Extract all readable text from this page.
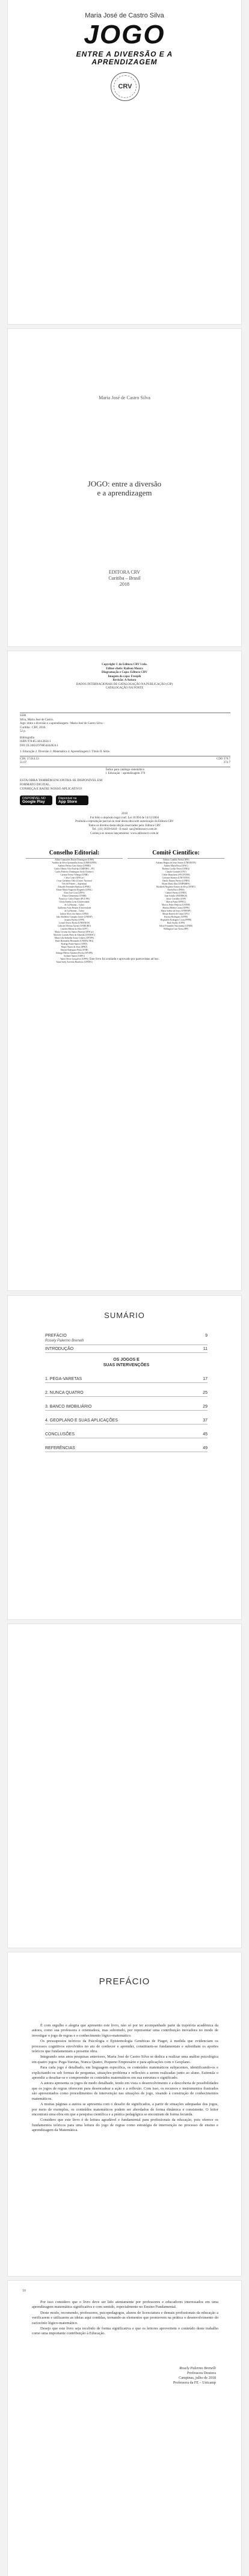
Maria José de Castro Silva
JOGO
ENTRE A DIVERSÃO E A
APRENDIZAGEM
CRV
Maria José de Castro Silva
JOGO: entre a diversão
e a aprendizagem
EDITORA CRV
Curitiba – Brasil
2018
Copyright © da Editora CRV Ltda.
Editor-chefe: Railson Moura
Diagramação e Capa: Editora CRV
Imagem da capa: Freepik
Revisão: A Autora
DADOS INTERNACIONAIS DE CATALOGAÇÃO NA PUBLICAÇÃO (CIP)
CATALOGAÇÃO NA FONTE
S586
Silva, Maria José de Castro.
Jogo: entre a diversão e a aprendizagem / Maria José de Castro Silva –
Curitiba : CRV, 2018.
52 p.
Bibliografia
ISBN 978-85-444-2824-1
DOI 10.24824/978854442824.1
1. Educação 2. Diversão 3. Matemática 4. Aprendizagem I. Título II. Série.
CDU 37.014.53	CDD 370.7
51.07	372.7
Índice para catálogo sistemático
1. Educação – aprendizagem 370
ESTA OBRA TAMBÉM ENCONTRA-SE DISPONÍVEL EM
FORMATO DIGITAL.
CONHEÇA E BAIXE NOSSO APLICATIVO!
DISPONÍVEL NO
Google Play
Disponível na
App Store
2018
Foi feito o depósito legal conf. Lei 10.994 de 14/12/2004
Proibida a reprodução parcial ou total desta obra sem autorização da Editora CRV
Todos os direitos desta edição reservados pela: Editora CRV
Tel.: (41) 3039-6418 - E-mail: sac@editoracrv.com.br
Conheça os nossos lançamentos: www.editoracrv.com.br
Conselho Editorial:
Aldira Guimarães Duarte Domínguez (UNB)
Andréia da Silva Quintanilha Sousa (UNIR/UFRN)
Antônio Pereira Gaio Júnior (UFRRJ)
Carlos Alberto Vilar Estêvão (UMINHO – PT)
Carlos Federico Dominguez Avila (Unieuro)
Carmen Tereza Velanga (UNIR)
Celso Conti (UFSCar)
Cesar Gerónimo Tello (Univer. Nacional
Três de Febrero – Argentina)
Eduardo Fernandes Barbosa (UFMG)
Elione Maria Nogueira Diogenes (UFAL)
Élsio José Corá (UFFS)
Elizeu Clementino (UNEB)
Francisco Carlos Duarte (PUC-PR)
Gloria Fariñas León (Universidade
de La Havana – Cuba)
Guillermo Arias Beatón (Universidade
de La Havana – Cuba)
Jailson Alves dos Santos (UFRJ)
João Adalberto Campato Junior (UNESP)
Josania Portela (UFPI)
Leonel Severo Rocha (UNISINOS)
Lídia de Oliveira Xavier (UNIEURO)
Lourdes Helena da Silva (UFV)
Maria Cristina dos Santos Bezerra (UFSCar)
Maria de Lourdes Pinto de Almeida (UNOESC)
Maria Lília Imbiriba Sousa Colares (UFOPA)
Paulo Romualdo Hernandes (UNIFAL-MG)
Rodrigo Pratte-Santos (UFES)
Sérgio Nunes de Jesus (IFRO)
Simone Rodrigues Pinto (UNB)
Solange Helena Ximenes-Rocha (UFOPA)
Sydione Santos (UEPG)
Tadeu Oliver Gonçalves (UFPA)
Tania Suely Azevedo Brasileiro (UFOPA)
Comitê Científico:
Adilson Candido Pereira (IFS)
Adriana Regina de Jesus Santos (UNIOESTE)
Andrea Maria Rosa (UFSC)
Barbara Coelho Neves (UFBA)
Claudio Gomide (UFU)
Cleber Bianchessi (FACINTER)
Cristiane Stürmer (UNIVATES)
Danilo Dumas Pereira (UFRN)
Eliane Maria Ilha (UNIPAMPA)
Elizabeth Nogueira Gomes da Silva (UFMT)
Estela Ricci (IFES)
Gabriel Pereira (UFRN)
Jane Schultz (FADERGS)
Joisse Carvalho (USP)
Marcia Paim (UFPEL)
Marcos Pedro Pedrosa (UNESP)
Martina Helena Cintra (UFPR)
Maria Salette de Jesus (UNIFESP)
Mirian Barreto de Lima (UFG)
Patricia Rodrigues (UFPR)
Reginaldo Rodrigues Costa (FFPR)
Ruth Stucky (UFPI)
Silvio Fernandes Nascimento (UFMS)
Wellington Luiz Vieira (IFF)
Este livro foi avaliado e aprovado por pareceristas ad hoc.
SUMÁRIO
PREFÁCIO	9
Rosely Palermo Brenelli
INTRODUÇÃO	11
OS JOGOS E
SUAS INTERVENÇÕES
1. PEGA-VARETAS	17
2. NUNCA QUATRO	25
3. BANCO IMOBILIÁRIO	29
4. GEOPLANO E SUAS APLICAÇÕES	37
CONCLUSÕES	45
REFERÊNCIAS	49
PREFÁCIO

É com orgulho e alegria que apresento este livro, não só por ter acompanhado parte da trajetória acadêmica da autora, como sua professora e orientadora, mas sobretudo, por representar uma contribuição inovadora no modo de investigar o jogo de regras e o conhecimento lógico-matemático.

Os pressupostos teóricos da Psicologia e Epistemologia Genéticas de Piaget, à medida que evidenciam os processos cognitivos envolvidos no ato de conhecer e aprender, constituem-se fundamentais e subsidiam os aportes teóricos que fundamentam a presente obra.

Integrando seus anos pesquisas anteriores, Maria José de Castro Silva se dedica a realizar uma análise psicológica em quatro jogos: Pega-Varetas, Nunca Quatro, Pequeno Empresário e para aplicações com o Geoplano.

Para cada jogo é detalhado, em linguagem específica, os conteúdos matemáticos subjacentes, identificando-os e explicitando-os sob formas de perguntas, situações-problema e reflexões a serem realizadas junto ao aluno. Estimula o aprendiz a desafiar-se e compreender os conteúdos matemáticos em sua estrutura e significado.

A autora apresenta os jogos de modo detalhado, tendo em vista o desenvolvimento e a descoberta de possibilidades que os jogos de regras oferecem para desencadear a ação e a reflexão. Com isso, os recursos e instrumentos ilustrados são apresentados como procedimentos de intervenção nas situações de jogo, visando à construção de conhecimentos matemáticos.

A muitas páginas a autora se apresenta com o desafio de significados, a partir de situações adequadas dos jogos, por meio de exemplos, os conteúdos matemáticos podem ser abordados de forma dinâmica e consistente. O leitor encontrará uma obra em que a pesquisa científica e a prática pedagógica se encontram de forma fecunda.

Considero que este livro é de leitura agradável e fundamental para profissionais da educação, pois oferece os fundamentos teóricos para uma leitura do jogo de regras como estratégia de intervenção no processo de ensino e aprendizagem da Matemática.

10

Por isso considero que o livro deve ser lido atentamente por professores e educadores interessados em uma aprendizagem matemática significativa e com sentido, especialmente no Ensino Fundamental.

Deste modo, recomendo, professores, psicopedagogos, alunos de licenciatura e demais profissionais da educação a verificarem e utilizarem as ideias aqui contidas, tornando-as elementos que promovem na prática o desenvolvimento do raciocínio lógico-matemático.

Desejo que este livro seja recebido de forma significativa e que os leitores aproveitem o conteúdo deste trabalho como uma importante contribuição à Educação.

Rosely Palermo Brenelli
Professora Doutora
Campinas, julho de 2018
Professora da FE – Unicamp
